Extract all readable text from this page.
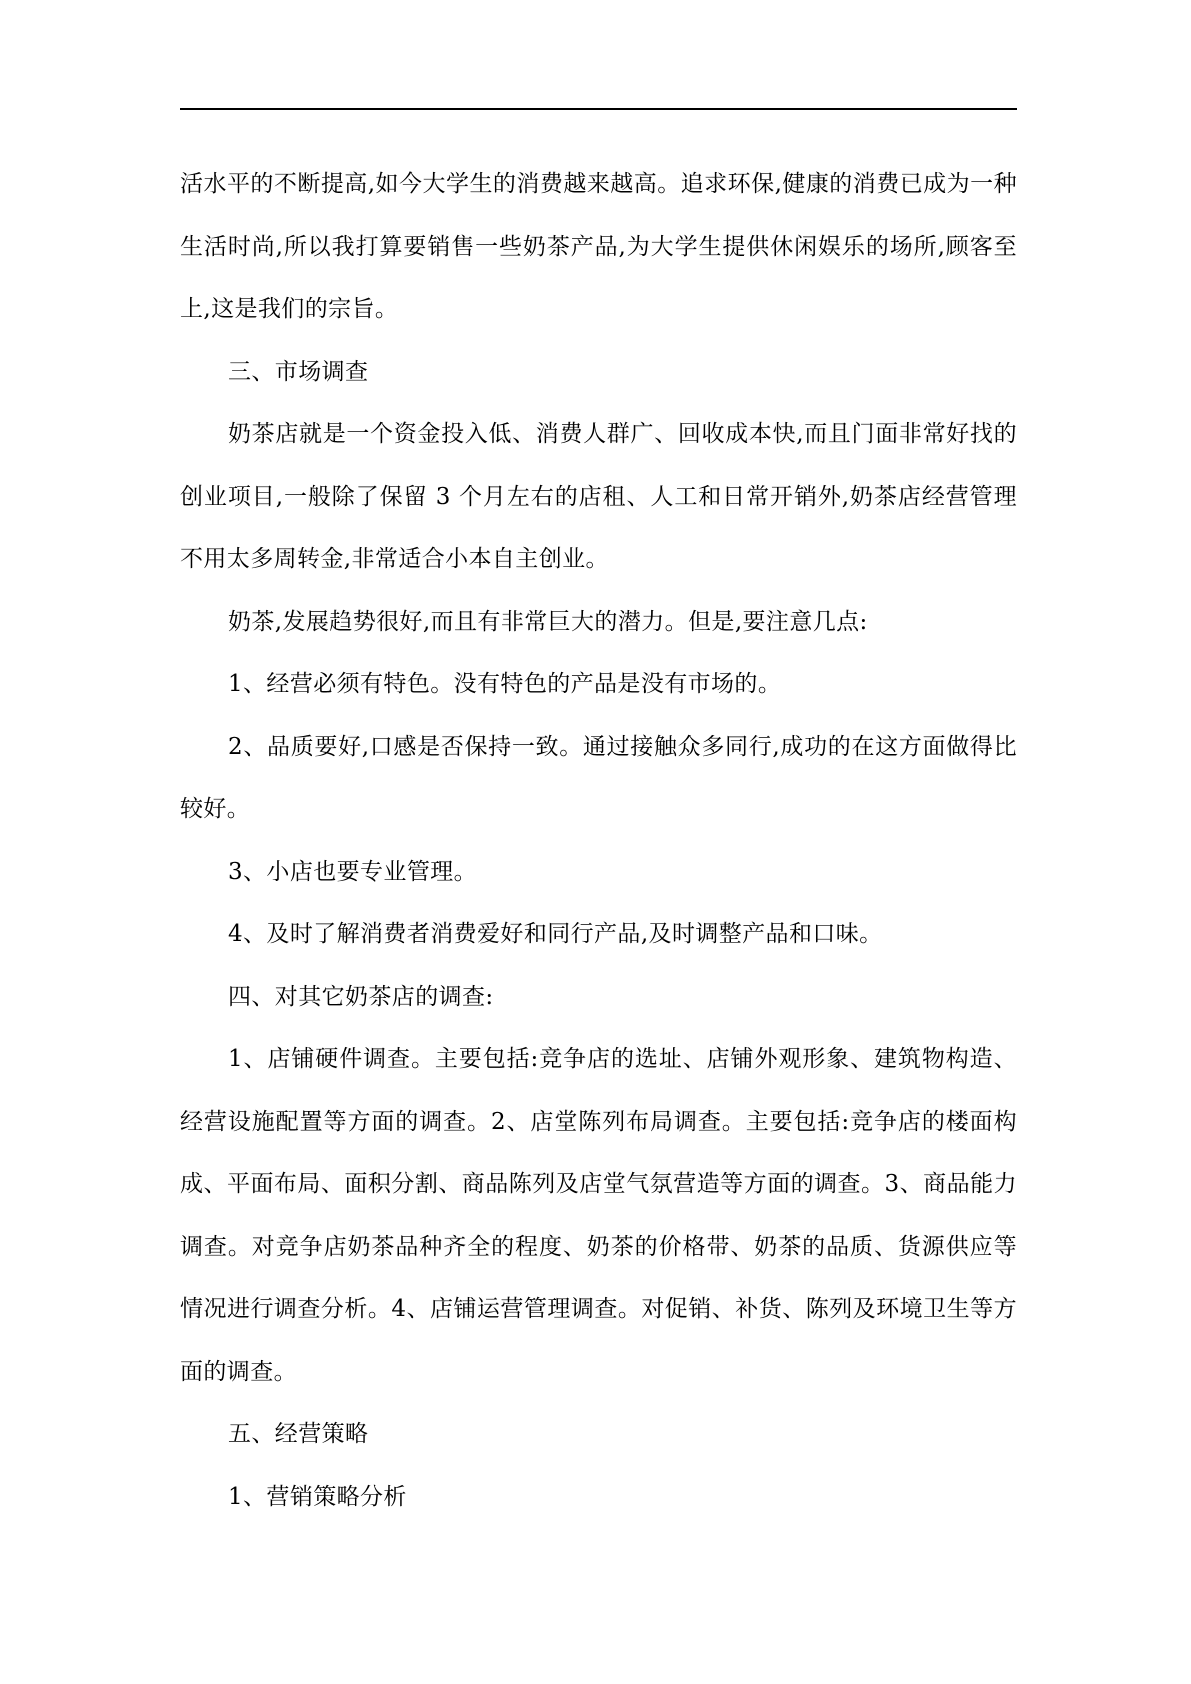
活水平的不断提高,如今大学生的消费越来越高。追求环保,健康的消费已成为一种生活时尚,所以我打算要销售一些奶茶产品,为大学生提供休闲娱乐的场所,顾客至上,这是我们的宗旨。

三、市场调查

奶茶店就是一个资金投入低、消费人群广、回收成本快,而且门面非常好找的创业项目,一般除了保留 3 个月左右的店租、人工和日常开销外,奶茶店经营管理不用太多周转金,非常适合小本自主创业。

奶茶,发展趋势很好,而且有非常巨大的潜力。但是,要注意几点:

1、经营必须有特色。没有特色的产品是没有市场的。

2、品质要好,口感是否保持一致。通过接触众多同行,成功的在这方面做得比较好。

3、小店也要专业管理。

4、及时了解消费者消费爱好和同行产品,及时调整产品和口味。

四、对其它奶茶店的调查:

1、店铺硬件调查。主要包括:竞争店的选址、店铺外观形象、建筑物构造、经营设施配置等方面的调查。2、店堂陈列布局调查。主要包括:竞争店的楼面构成、平面布局、面积分割、商品陈列及店堂气氛营造等方面的调查。3、商品能力调查。对竞争店奶茶品种齐全的程度、奶茶的价格带、奶茶的品质、货源供应等情况进行调查分析。4、店铺运营管理调查。对促销、补货、陈列及环境卫生等方面的调查。

五、经营策略

1、营销策略分析
